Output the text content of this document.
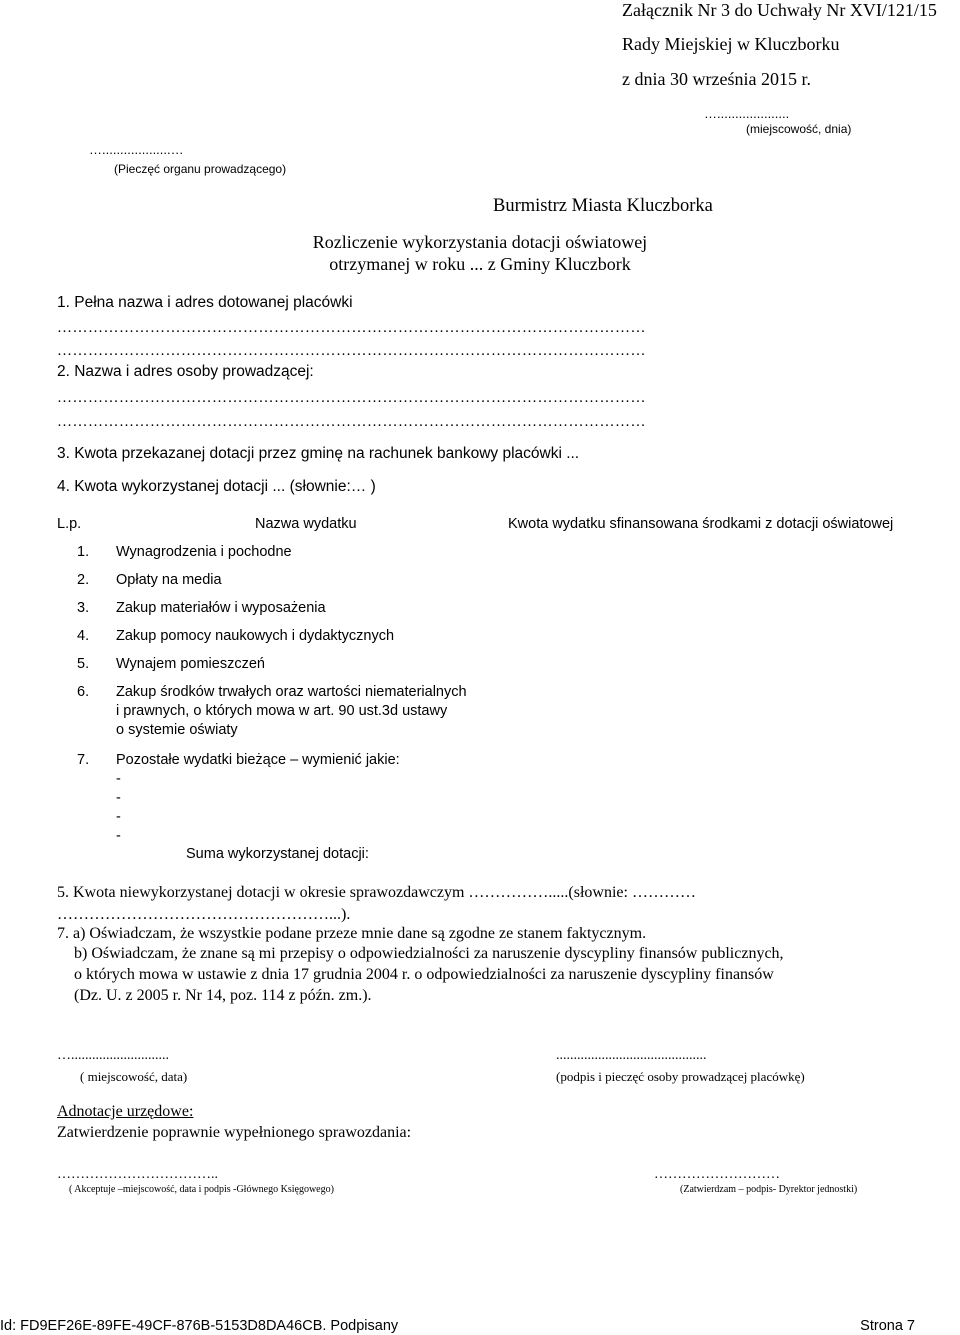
Załącznik Nr 3 do Uchwały Nr XVI/121/15
Rady Miejskiej w Kluczborku
z dnia 30 września 2015 r.
…....................
(miejscowość, dnia)
…...................…
(Pieczęć organu prowadzącego)
Burmistrz Miasta Kluczborka
Rozliczenie wykorzystania dotacji oświatowej
otrzymanej w roku ... z Gminy Kluczbork
1. Pełna nazwa i adres dotowanej placówki
……………………………………………………………………………………………………
……………………………………………………………………………………………………
2. Nazwa i adres osoby prowadzącej:
……………………………………………………………………………………………………
……………………………………………………………………………………………………
3. Kwota przekazanej dotacji przez gminę na rachunek bankowy placówki ...
4. Kwota wykorzystanej dotacji ... (słownie:… )
L.p.	Nazwa wydatku	Kwota wydatku sfinansowana środkami z dotacji oświatowej
1. Wynagrodzenia i pochodne
2. Opłaty na media
3. Zakup materiałów i wyposażenia
4. Zakup pomocy naukowych i dydaktycznych
5. Wynajem pomieszczeń
6. Zakup środków trwałych oraz wartości niematerialnych
i prawnych, o których mowa w art. 90 ust.3d ustawy
o systemie oświaty
7. Pozostałe wydatki bieżące – wymienić jakie:
-
-
-
-
Suma wykorzystanej dotacji:
5. Kwota niewykorzystanej dotacji w okresie sprawozdawczym …………….....(słownie: …………
……………………………………………...).
7. a) Oświadczam, że wszystkie podane przeze mnie dane są zgodne ze stanem faktycznym.
b) Oświadczam, że znane są mi przepisy o odpowiedzialności za naruszenie dyscypliny finansów publicznych,
o których mowa w ustawie z dnia 17 grudnia 2004 r. o odpowiedzialności za naruszenie dyscypliny finansów
(Dz. U. z 2005 r. Nr 14, poz. 114 z późn. zm.).
…............................
( miejscowość, data)
...........................................
(podpis i pieczęć osoby prowadzącej placówkę)
Adnotacje urzędowe:
Zatwierdzenie poprawnie wypełnionego sprawozdania:
……………………………..
( Akceptuje –miejscowość, data i podpis -Głównego Księgowego)
………………………
(Zatwierdzam – podpis- Dyrektor jednostki)
Id: FD9EF26E-89FE-49CF-876B-5153D8DA46CB. Podpisany	Strona 7
